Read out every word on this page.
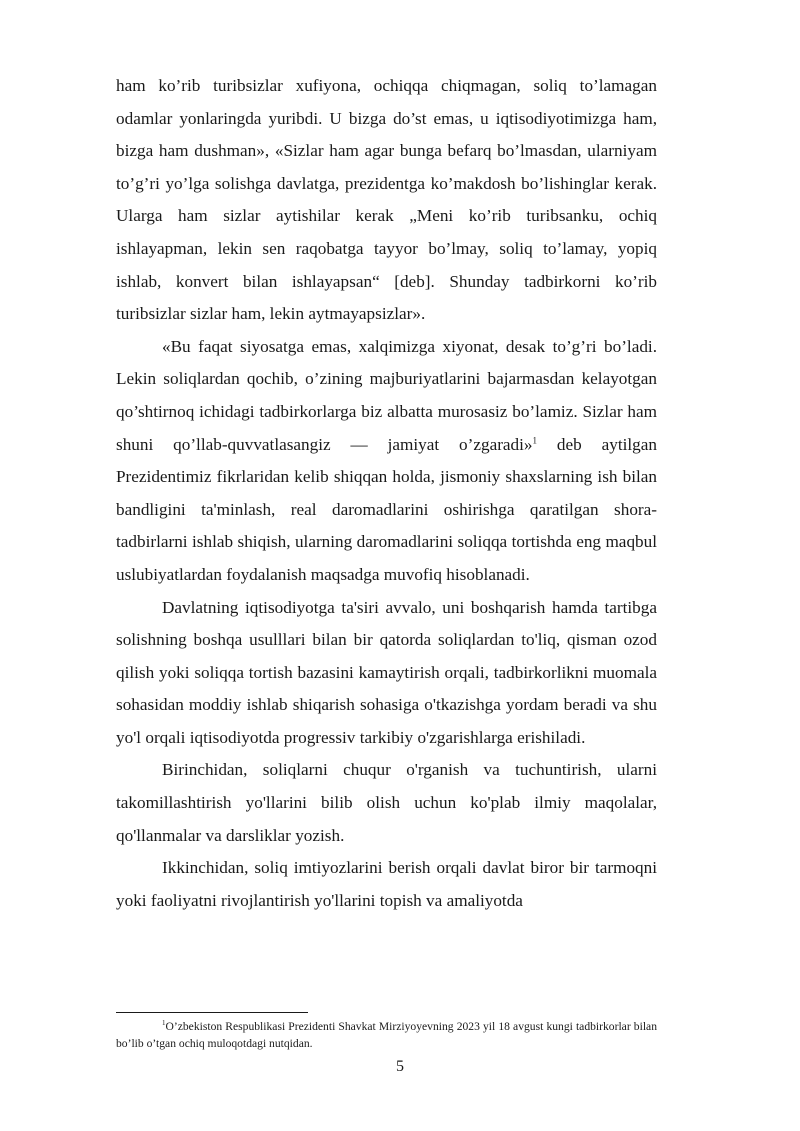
ham ko’rib turibsizlar xufiyona, ochiqqa chiqmagan, soliq to’lamagan odamlar yonlaringda yuribdi. U bizga do’st emas, u iqtisodiyotimizga ham, bizga ham dushman», «Sizlar ham agar bunga befarq bo’lmasdan, ularniyam to’g’ri yo’lga solishga davlatga, prezidentga ko’makdosh bo’lishinglar kerak. Ularga ham sizlar aytishilar kerak „Meni ko’rib turibsanku, ochiq ishlayapman, lekin sen raqobatga tayyor bo’lmay, soliq to’lamay, yopiq ishlab, konvert bilan ishlayapsan“ [deb]. Shunday tadbirkorni ko’rib turibsizlar sizlar ham, lekin aytmayapsizlar».

«Bu faqat siyosatga emas, xalqimizga xiyonat, desak to’g’ri bo’ladi. Lekin soliqlardan qochib, o’zining majburiyatlarini bajarmasdan kelayotgan qo’shtirnoq ichidagi tadbirkorlarga biz albatta murosasiz bo’lamiz. Sizlar ham shuni qo’llab-quvvatlasangiz — jamiyat o’zgaradi»$^1$ deb aytilgan Prezidentimiz fikrlaridan kelib shiqqan holda, jismoniy shaxslarning ish bilan bandligini ta'minlash, real daromadlarini oshirishga qaratilgan shora-tadbirlarni ishlab shiqish, ularning daromadlarini soliqqa tortishda eng maqbul uslubiyatlardan foydalanish maqsadga muvofiq hisoblanadi.

Davlatning iqtisodiyotga ta'siri avvalo, uni boshqarish hamda tartibga solishning boshqa usulllari bilan bir qatorda soliqlardan to'liq, qisman ozod qilish yoki soliqqa tortish bazasini kamaytirish orqali, tadbirkorlikni muomala sohasidan moddiy ishlab shiqarish sohasiga o'tkazishga yordam beradi va shu yo'l orqali iqtisodiyotda progressiv tarkibiy o'zgarishlarga erishiladi.

Birinchidan, soliqlarni chuqur o'rganish va tuchuntirish, ularni takomillashtirish yo'llarini bilib olish uchun ko'plab ilmiy maqolalar, qo'llanmalar va darsliklar yozish.

Ikkinchidan, soliq imtiyozlarini berish orqali davlat biror bir tarmoqni yoki faoliyatni rivojlantirish yo'llarini topish va amaliyotda

$^1$O’zbekiston Respublikasi Prezidenti Shavkat Mirziyoyevning 2023 yil 18 avgust kungi tadbirkorlar bilan bo’lib o’tgan ochiq muloqotdagi nutqidan.

5
